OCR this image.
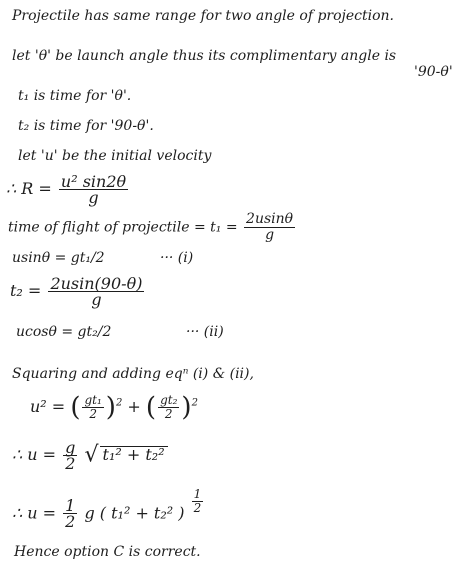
Projectile has same range for two angle of projection.
let 'θ' be launch angle thus its complimentary angle is
'90-θ'
t₁ is time for 'θ'.
t₂ is time for '90-θ'.
let 'u' be the initial velocity
∴ $R = \frac{\text{u² sin2θ}}{g}$
time of flight of projectile = $t_1 = \frac{2usin\theta}{g}$
usinθ = gt₁/2	··· (i)
$t_2 = \frac{2usin(90-\theta)}{g}$
ucosθ = gt₂/2	··· (ii)
Squaring and adding eqⁿ (i) & (ii),
u² = ( $\frac{\text{gt₁}}{2} )^2$ + ( $\frac{\text{gt₂}}{2} )^2$
∴ $u = \frac{g}{2}$ √ t₁² + t₂²
∴ $u = \frac{1}{2}$ g ( t₁² + t₂² ) $\frac{1}{2}$
Hence option C is correct.
